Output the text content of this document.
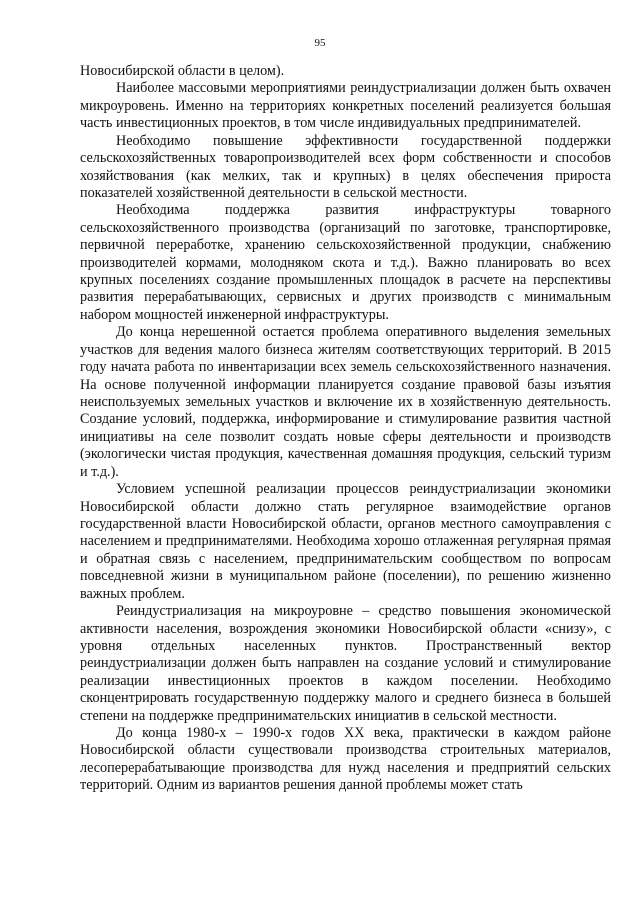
95

Новосибирской области в целом).

Наиболее массовыми мероприятиями реиндустриализации должен быть охвачен микроуровень. Именно на территориях конкретных поселений реализуется большая часть инвестиционных проектов, в том числе индивидуальных предпринимателей.

Необходимо повышение эффективности государственной поддержки сельскохозяйственных товаропроизводителей всех форм собственности и способов хозяйствования (как мелких, так и крупных) в целях обеспечения прироста показателей хозяйственной деятельности в сельской местности.

Необходима поддержка развития инфраструктуры товарного сельскохозяйственного производства (организаций по заготовке, транспортировке, первичной переработке, хранению сельскохозяйственной продукции, снабжению производителей кормами, молодняком скота и т.д.). Важно планировать во всех крупных поселениях создание промышленных площадок в расчете на перспективы развития перерабатывающих, сервисных и других производств с минимальным набором мощностей инженерной инфраструктуры.

До конца нерешенной остается проблема оперативного выделения земельных участков для ведения малого бизнеса жителям соответствующих территорий. В 2015 году начата работа по инвентаризации всех земель сельскохозяйственного назначения. На основе полученной информации планируется создание правовой базы изъятия неиспользуемых земельных участков и включение их в хозяйственную деятельность. Создание условий, поддержка, информирование и стимулирование развития частной инициативы на селе позволит создать новые сферы деятельности и производств (экологически чистая продукция, качественная домашняя продукция, сельский туризм и т.д.).

Условием успешной реализации процессов реиндустриализации экономики Новосибирской области должно стать регулярное взаимодействие органов государственной власти Новосибирской области, органов местного самоуправления с населением и предпринимателями. Необходима хорошо отлаженная регулярная прямая и обратная связь с населением, предпринимательским сообществом по вопросам повседневной жизни в муниципальном районе (поселении), по решению жизненно важных проблем.

Реиндустриализация на микроуровне – средство повышения экономической активности населения, возрождения экономики Новосибирской области «снизу», с уровня отдельных населенных пунктов. Пространственный вектор реиндустриализации должен быть направлен на создание условий и стимулирование реализации инвестиционных проектов в каждом поселении. Необходимо сконцентрировать государственную поддержку малого и среднего бизнеса в большей степени на поддержке предпринимательских инициатив в сельской местности.

До конца 1980-х – 1990-х годов XX века, практически в каждом районе Новосибирской области существовали производства строительных материалов, лесоперерабатывающие производства для нужд населения и предприятий сельских территорий. Одним из вариантов решения данной проблемы может стать
